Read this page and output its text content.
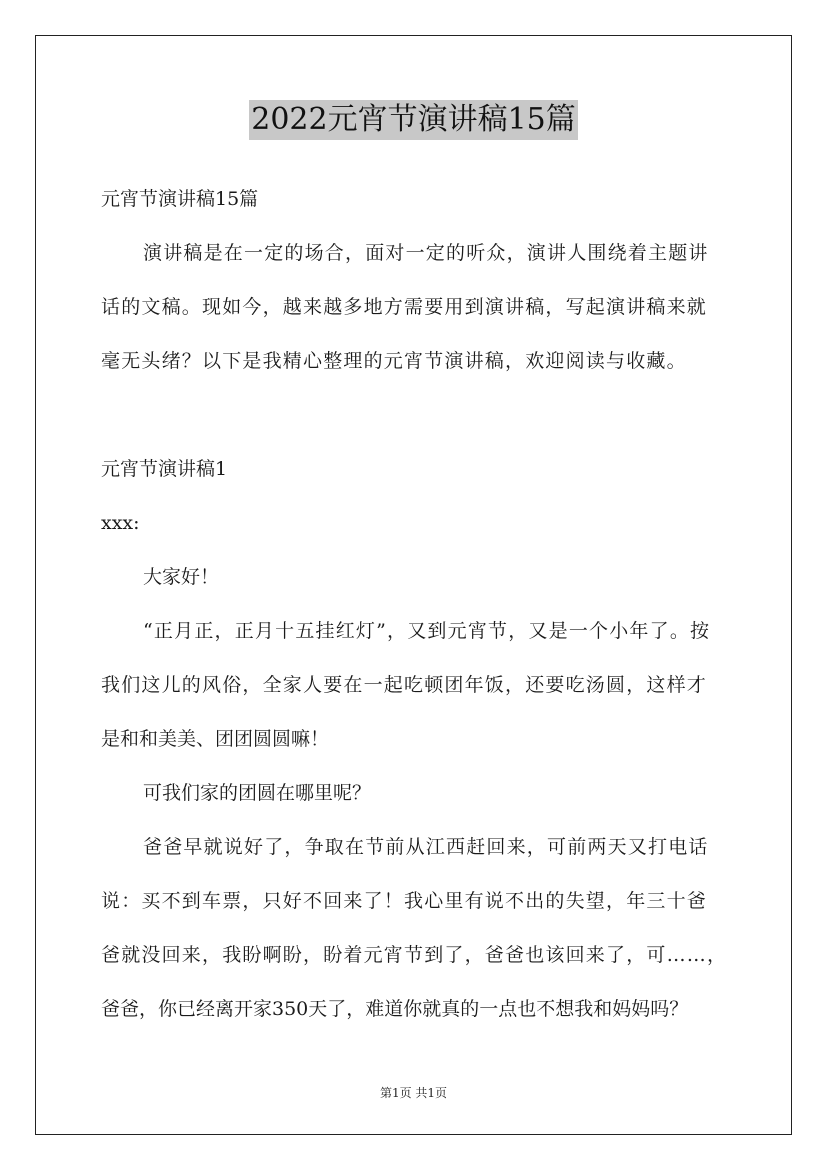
2022元宵节演讲稿15篇
元宵节演讲稿15篇
演讲稿是在一定的场合，面对一定的听众，演讲人围绕着主题讲
话的文稿。现如今，越来越多地方需要用到演讲稿，写起演讲稿来就
毫无头绪？以下是我精心整理的元宵节演讲稿，欢迎阅读与收藏。
元宵节演讲稿1
xxx:
大家好！
“正月正，正月十五挂红灯”，又到元宵节，又是一个小年了。按
我们这儿的风俗，全家人要在一起吃顿团年饭，还要吃汤圆，这样才
是和和美美、团团圆圆嘛！
可我们家的团圆在哪里呢？
爸爸早就说好了，争取在节前从江西赶回来，可前两天又打电话
说：买不到车票，只好不回来了！我心里有说不出的失望，年三十爸
爸就没回来，我盼啊盼，盼着元宵节到了，爸爸也该回来了，可……，
爸爸，你已经离开家350天了，难道你就真的一点也不想我和妈妈吗？
第1页 共1页
